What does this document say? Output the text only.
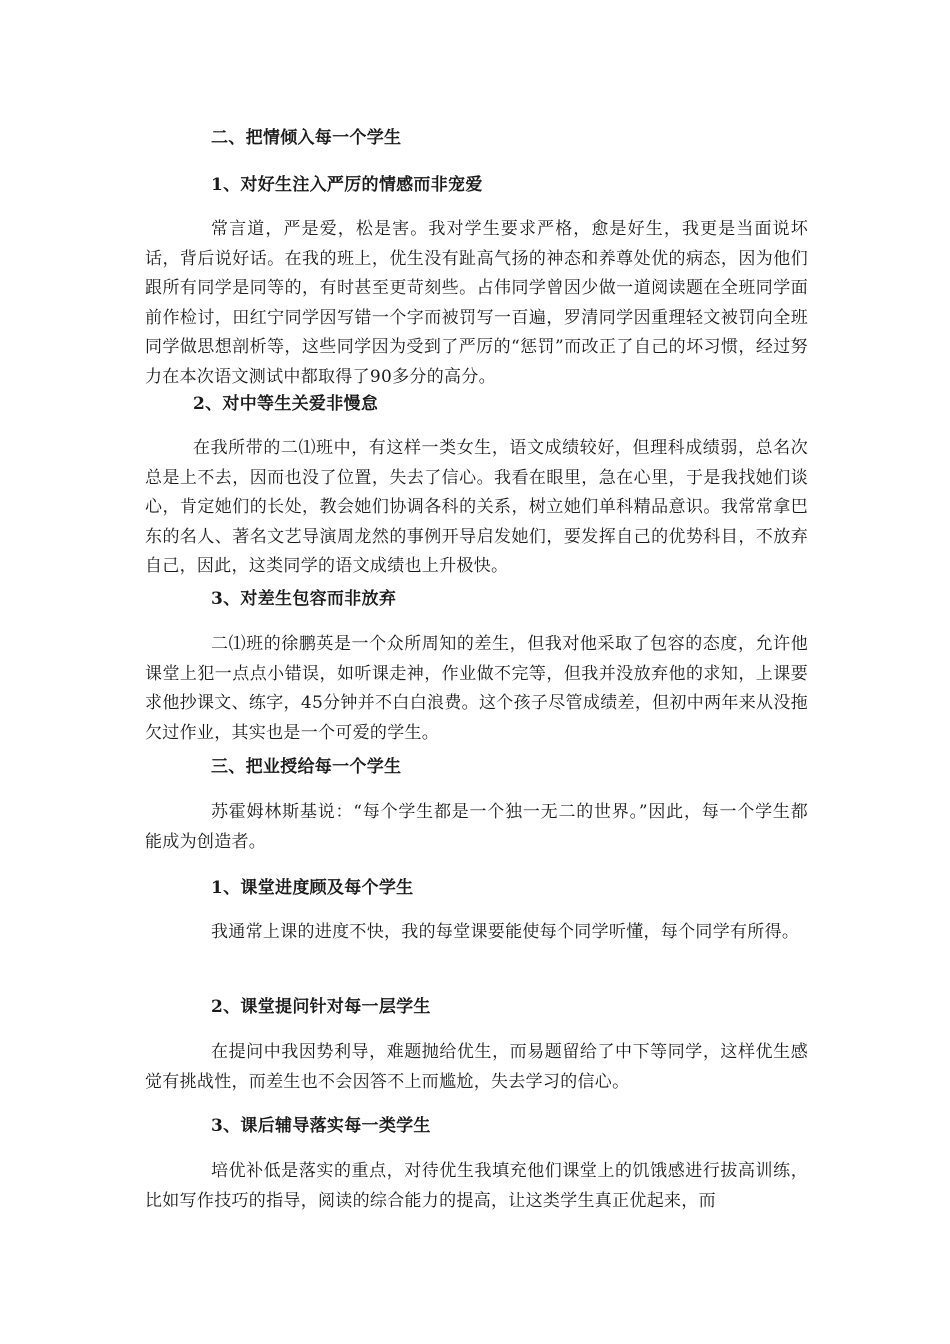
二、把情倾入每一个学生
1、对好生注入严厉的情感而非宠爱
常言道，严是爱，松是害。我对学生要求严格，愈是好生，我更是当面说坏话，背后说好话。在我的班上，优生没有趾高气扬的神态和养尊处优的病态，因为他们跟所有同学是同等的，有时甚至更苛刻些。占伟同学曾因少做一道阅读题在全班同学面前作检讨，田红宁同学因写错一个字而被罚写一百遍，罗清同学因重理轻文被罚向全班同学做思想剖析等，这些同学因为受到了严厉的“惩罚”而改正了自己的坏习惯，经过努力在本次语文测试中都取得了90多分的高分。
2、对中等生关爱非慢怠
在我所带的二⑴班中，有这样一类女生，语文成绩较好，但理科成绩弱，总名次总是上不去，因而也没了位置，失去了信心。我看在眼里，急在心里，于是我找她们谈心，肯定她们的长处，教会她们协调各科的关系，树立她们单科精品意识。我常常拿巴东的名人、著名文艺导演周龙然的事例开导启发她们，要发挥自己的优势科目，不放弃自己，因此，这类同学的语文成绩也上升极快。
3、对差生包容而非放弃
二⑴班的徐鹏英是一个众所周知的差生，但我对他采取了包容的态度，允许他课堂上犯一点点小错误，如听课走神，作业做不完等，但我并没放弃他的求知，上课要求他抄课文、练字，45分钟并不白白浪费。这个孩子尽管成绩差，但初中两年来从没拖欠过作业，其实也是一个可爱的学生。
三、把业授给每一个学生
苏霍姆林斯基说：“每个学生都是一个独一无二的世界。”因此，每一个学生都能成为创造者。
1、课堂进度顾及每个学生
我通常上课的进度不快，我的每堂课要能使每个同学听懂，每个同学有所得。
2、课堂提问针对每一层学生
在提问中我因势利导，难题抛给优生，而易题留给了中下等同学，这样优生感觉有挑战性，而差生也不会因答不上而尴尬，失去学习的信心。
3、课后辅导落实每一类学生
培优补低是落实的重点，对待优生我填充他们课堂上的饥饿感进行拔高训练，比如写作技巧的指导，阅读的综合能力的提高，让这类学生真正优起来，而
